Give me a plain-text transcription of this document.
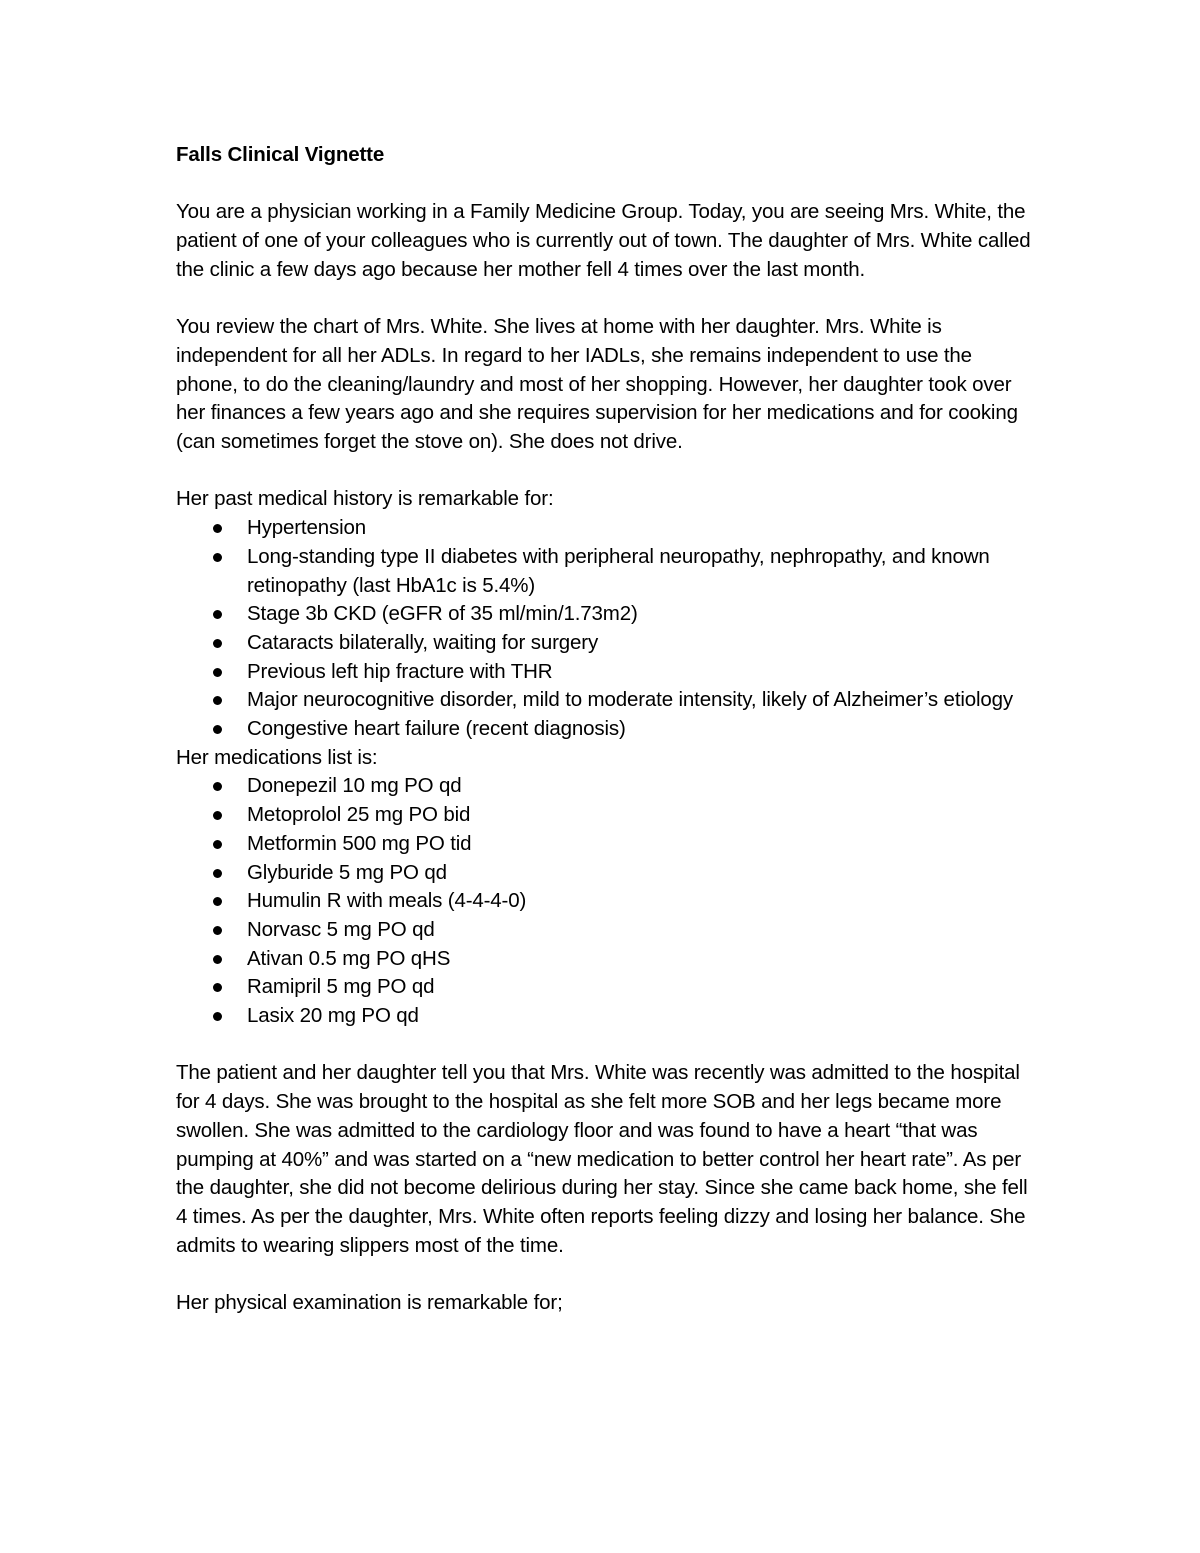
Falls Clinical Vignette

You are a physician working in a Family Medicine Group. Today, you are seeing Mrs. White, the patient of one of your colleagues who is currently out of town. The daughter of Mrs. White called the clinic a few days ago because her mother fell 4 times over the last month.

You review the chart of Mrs. White. She lives at home with her daughter. Mrs. White is independent for all her ADLs. In regard to her IADLs, she remains independent to use the phone, to do the cleaning/laundry and most of her shopping. However, her daughter took over her finances a few years ago and she requires supervision for her medications and for cooking (can sometimes forget the stove on). She does not drive.

Her past medical history is remarkable for:

Hypertension
Long-standing type II diabetes with peripheral neuropathy, nephropathy, and known retinopathy (last HbA1c is 5.4%)
Stage 3b CKD (eGFR of 35 ml/min/1.73m2)
Cataracts bilaterally, waiting for surgery
Previous left hip fracture with THR
Major neurocognitive disorder, mild to moderate intensity, likely of Alzheimer’s etiology
Congestive heart failure (recent diagnosis)

Her medications list is:

Donepezil 10 mg PO qd
Metoprolol 25 mg PO bid
Metformin 500 mg PO tid
Glyburide 5 mg PO qd
Humulin R with meals (4-4-4-0)
Norvasc 5 mg PO qd
Ativan 0.5 mg PO qHS
Ramipril 5 mg PO qd
Lasix 20 mg PO qd

The patient and her daughter tell you that Mrs. White was recently was admitted to the hospital for 4 days. She was brought to the hospital as she felt more SOB and her legs became more swollen. She was admitted to the cardiology floor and was found to have a heart “that was pumping at 40%” and was started on a “new medication to better control her heart rate”. As per the daughter, she did not become delirious during her stay. Since she came back home, she fell 4 times. As per the daughter, Mrs. White often reports feeling dizzy and losing her balance. She admits to wearing slippers most of the time.

Her physical examination is remarkable for;
